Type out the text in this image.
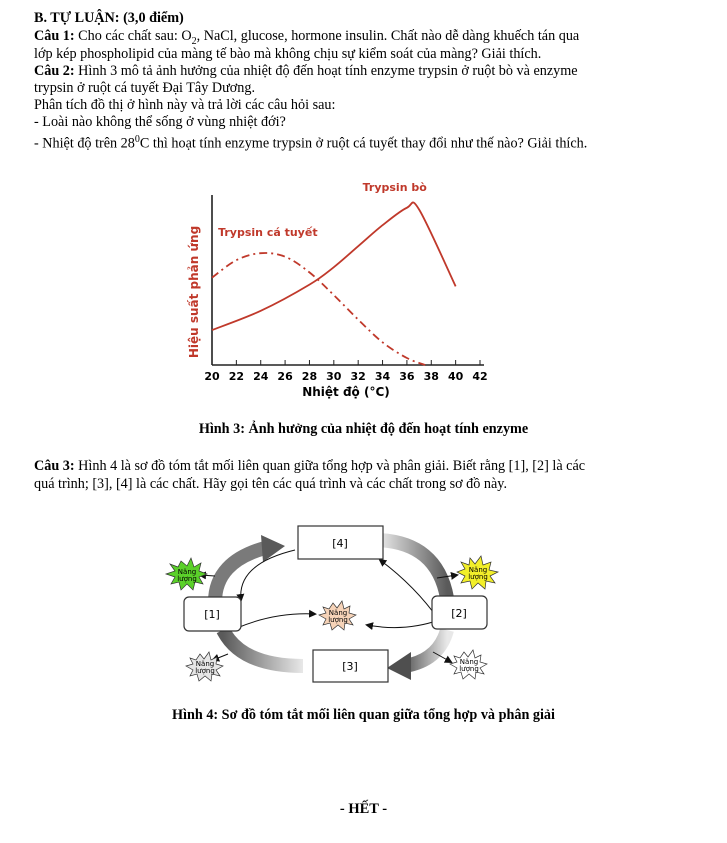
B. TỰ LUẬN: (3,0 điểm)
Câu 1: Cho các chất sau: $O_2$, NaCl, glucose, hormone insulin. Chất nào dễ dàng khuếch tán qua
lớp kép phospholipid của màng tế bào mà không chịu sự kiểm soát của màng? Giải thích.
Câu 2: Hình 3 mô tả ảnh hưởng của nhiệt độ đến hoạt tính enzyme trypsin ở ruột bò và enzyme
trypsin ở ruột cá tuyết Đại Tây Dương.
Phân tích đồ thị ở hình này và trả lời các câu hỏi sau:
- Loài nào không thể sống ở vùng nhiệt đới?
- Nhiệt độ trên $28^0C$ thì hoạt tính enzyme trypsin ở ruột cá tuyết thay đổi như thế nào? Giải thích.
20 22 24 26 28 30 32 34 36 38 40 42
Nhiệt độ (°C)
Hiệu suất phản ứng
Trypsin bò
Trypsin cá tuyết
Hình 3: Ảnh hưởng của nhiệt độ đến hoạt tính enzyme
Câu 3: Hình 4 là sơ đồ tóm tắt mối liên quan giữa tổng hợp và phân giải. Biết rằng [1], [2] là các
quá trình; [3], [4] là các chất. Hãy gọi tên các quá trình và các chất trong sơ đồ này.
[4]
[1]	[2]
[3]
Năng
lượng
Năng
lượng
Năng
lượng
Năng
lượng
Năng
lượng
Hình 4: Sơ đồ tóm tắt mối liên quan giữa tổng hợp và phân giải
- HẾT -
